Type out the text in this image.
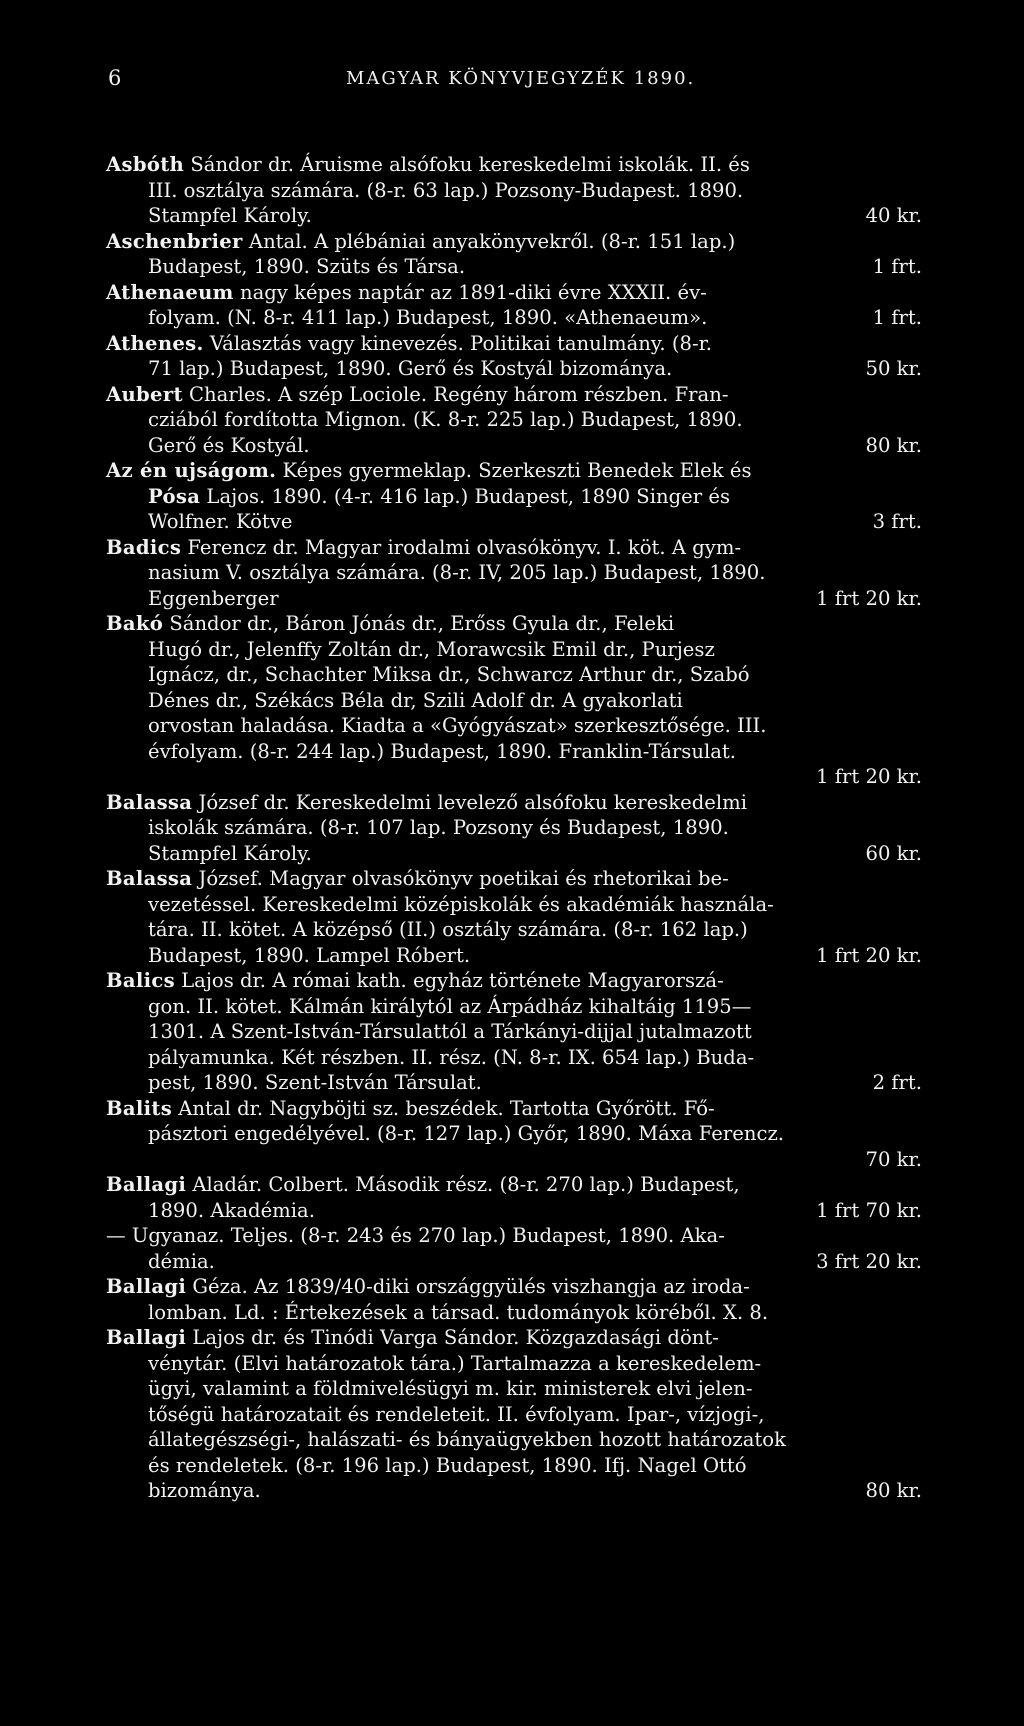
6	MAGYAR KÖNYVJEGYZÉK 1890.
Asbóth Sándor dr. Áruisme alsófoku kereskedelmi iskolák. II. és
III. osztálya számára. (8-r. 63 lap.) Pozsony-Budapest. 1890.
Stampfel Károly.	40 kr.
Aschenbrier Antal. A plébániai anyakönyvekről. (8-r. 151 lap.)
Budapest, 1890. Szüts és Társa.	1 frt.
Athenaeum nagy képes naptár az 1891-diki évre XXXII. év-
folyam. (N. 8-r. 411 lap.) Budapest, 1890. «Athenaeum».	1 frt.
Athenes. Választás vagy kinevezés. Politikai tanulmány. (8-r.
71 lap.) Budapest, 1890. Gerő és Kostyál bizománya.	50 kr.
Aubert Charles. A szép Lociole. Regény három részben. Fran-
cziából fordította Mignon. (K. 8-r. 225 lap.) Budapest, 1890.
Gerő és Kostyál.	80 kr.
Az én ujságom. Képes gyermeklap. Szerkeszti Benedek Elek és
Pósa Lajos. 1890. (4-r. 416 lap.) Budapest, 1890 Singer és
Wolfner. Kötve	3 frt.
Badics Ferencz dr. Magyar irodalmi olvasókönyv. I. köt. A gym-
nasium V. osztálya számára. (8-r. IV, 205 lap.) Budapest, 1890.
Eggenberger	1 frt 20 kr.
Bakó Sándor dr., Báron Jónás dr., Erőss Gyula dr., Feleki
Hugó dr., Jelenffy Zoltán dr., Morawcsik Emil dr., Purjesz
Ignácz, dr., Schachter Miksa dr., Schwarcz Arthur dr., Szabó
Dénes dr., Székács Béla dr, Szili Adolf dr. A gyakorlati
orvostan haladása. Kiadta a «Gyógyászat» szerkesztősége. III.
évfolyam. (8-r. 244 lap.) Budapest, 1890. Franklin-Társulat.
1 frt 20 kr.
Balassa József dr. Kereskedelmi levelező alsófoku kereskedelmi
iskolák számára. (8-r. 107 lap. Pozsony és Budapest, 1890.
Stampfel Károly.	60 kr.
Balassa József. Magyar olvasókönyv poetikai és rhetorikai be-
vezetéssel. Kereskedelmi középiskolák és akadémiák használa-
tára. II. kötet. A középső (II.) osztály számára. (8-r. 162 lap.)
Budapest, 1890. Lampel Róbert.	1 frt 20 kr.
Balics Lajos dr. A római kath. egyház története Magyarorszá-
gon. II. kötet. Kálmán királytól az Árpádház kihaltáig 1195—
1301. A Szent-István-Társulattól a Tárkányi-dijjal jutalmazott
pályamunka. Két részben. II. rész. (N. 8-r. IX. 654 lap.) Buda-
pest, 1890. Szent-István Társulat.	2 frt.
Balits Antal dr. Nagyböjti sz. beszédek. Tartotta Győrött. Fő-
pásztori engedélyével. (8-r. 127 lap.) Győr, 1890. Máxa Ferencz.
70 kr.
Ballagi Aladár. Colbert. Második rész. (8-r. 270 lap.) Budapest,
1890. Akadémia.	1 frt 70 kr.
— Ugyanaz. Teljes. (8-r. 243 és 270 lap.) Budapest, 1890. Aka-
démia.	3 frt 20 kr.
Ballagi Géza. Az 1839/40-diki országgyülés viszhangja az iroda-
lomban. Ld. : Értekezések a társad. tudományok köréből. X. 8.
Ballagi Lajos dr. és Tinódi Varga Sándor. Közgazdasági dönt-
vénytár. (Elvi határozatok tára.) Tartalmazza a kereskedelem-
ügyi, valamint a földmivelésügyi m. kir. ministerek elvi jelen-
tőségü határozatait és rendeleteit. II. évfolyam. Ipar-, vízjogi-,
állategészségi-, halászati- és bányaügyekben hozott határozatok
és rendeletek. (8-r. 196 lap.) Budapest, 1890. Ifj. Nagel Ottó
bizománya.	80 kr.
